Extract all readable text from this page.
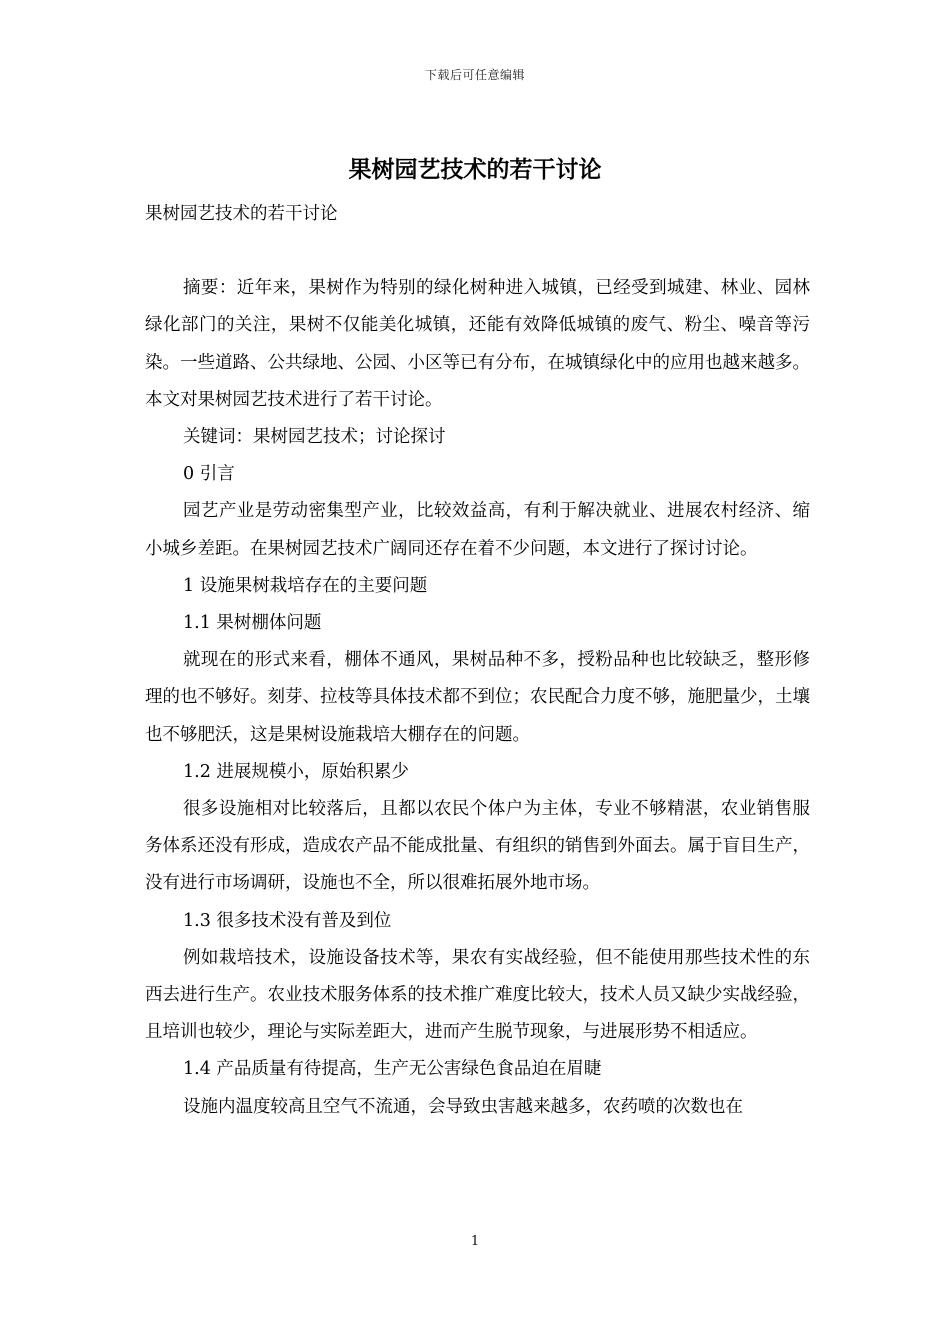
下载后可任意编辑
果树园艺技术的若干讨论

果树园艺技术的若干讨论

摘要：近年来，果树作为特别的绿化树种进入城镇，已经受到城建、林业、园林绿化部门的关注，果树不仅能美化城镇，还能有效降低城镇的废气、粉尘、噪音等污染。一些道路、公共绿地、公园、小区等已有分布，在城镇绿化中的应用也越来越多。本文对果树园艺技术进行了若干讨论。

关键词：果树园艺技术；讨论探讨

0 引言

园艺产业是劳动密集型产业，比较效益高，有利于解决就业、进展农村经济、缩小城乡差距。在果树园艺技术广阔同还存在着不少问题，本文进行了探讨讨论。

1 设施果树栽培存在的主要问题

1.1 果树棚体问题

就现在的形式来看，棚体不通风，果树品种不多，授粉品种也比较缺乏，整形修理的也不够好。刻芽、拉枝等具体技术都不到位；农民配合力度不够，施肥量少，土壤也不够肥沃，这是果树设施栽培大棚存在的问题。

1.2 进展规模小，原始积累少

很多设施相对比较落后，且都以农民个体户为主体，专业不够精湛，农业销售服务体系还没有形成，造成农产品不能成批量、有组织的销售到外面去。属于盲目生产，没有进行市场调研，设施也不全，所以很难拓展外地市场。

1.3 很多技术没有普及到位

例如栽培技术，设施设备技术等，果农有实战经验，但不能使用那些技术性的东西去进行生产。农业技术服务体系的技术推广难度比较大，技术人员又缺少实战经验，且培训也较少，理论与实际差距大，进而产生脱节现象，与进展形势不相适应。

1.4 产品质量有待提高，生产无公害绿色食品迫在眉睫

设施内温度较高且空气不流通，会导致虫害越来越多，农药喷的次数也在

1
